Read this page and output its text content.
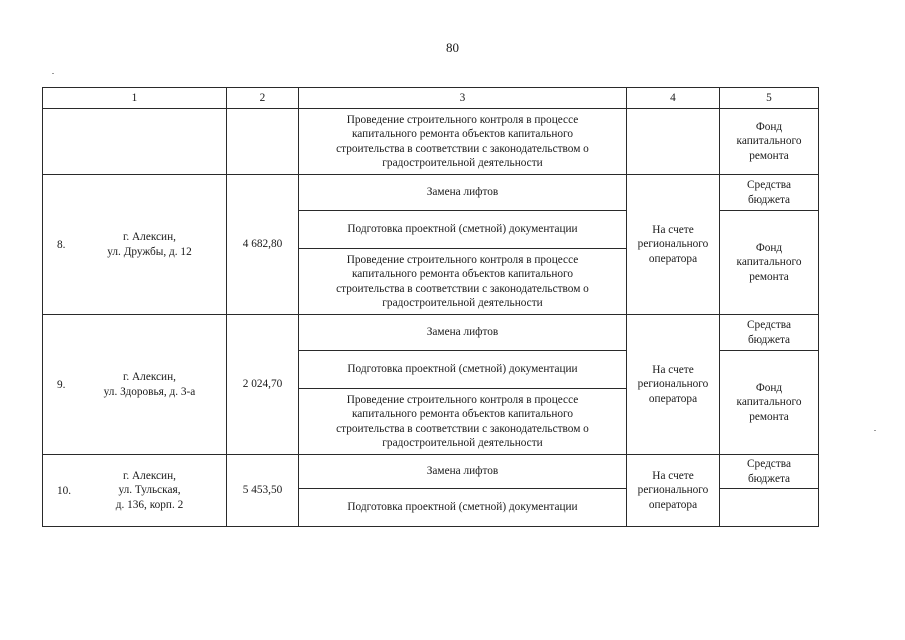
80
1	2	3	4	5
		Проведение строительного контроля в процессе
капитального ремонта объектов капитального
строительства в соответствии с законодательством о
градостроительной деятельности		Фонд
капитального
ремонта

8.
г. Алексин,
ул. Дружбы, д. 12	4 682,80	Замена лифтов	На счете
регионального
оператора	Средства
бюджета
		Подготовка проектной (сметной) документации		Фонд
капитального
ремонта
		Проведение строительного контроля в процессе
капитального ремонта объектов капитального
строительства в соответствии с законодательством о
градостроительной деятельности		

9.
г. Алексин,
ул. Здоровья, д. 3-а	2 024,70	Замена лифтов	На счете
регионального
оператора	Средства
бюджета
		Подготовка проектной (сметной) документации		Фонд
капитального
ремонта
		Проведение строительного контроля в процессе
капитального ремонта объектов капитального
строительства в соответствии с законодательством о
градостроительной деятельности		

10.
г. Алексин,
ул. Тульская,
д. 136, корп. 2	5 453,50	Замена лифтов	На счете
регионального
оператора	Средства
бюджета
		Подготовка проектной (сметной) документации		
